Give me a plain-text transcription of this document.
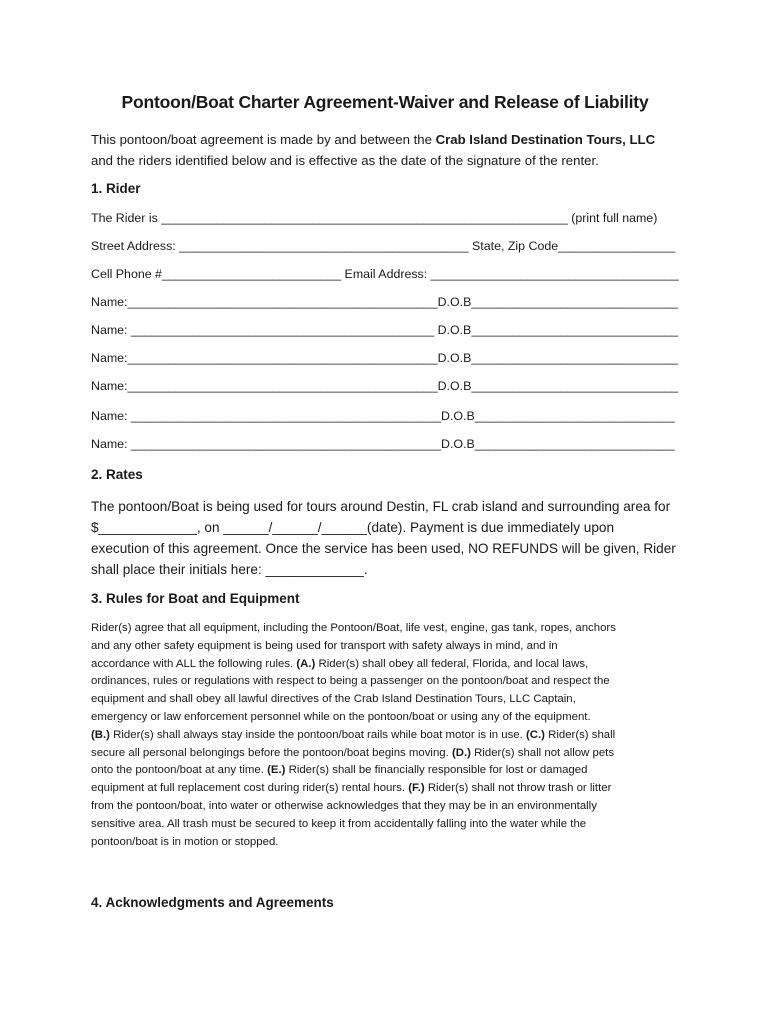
Pontoon/Boat Charter Agreement-Waiver and Release of Liability
This pontoon/boat agreement is made by and between the Crab Island Destination Tours, LLC
and the riders identified below and is effective as the date of the signature of the renter.
1. Rider
The Rider is ___________________________________________________________ (print full name)
Street Address: __________________________________________ State, Zip Code_________________
Cell Phone #__________________________ Email Address: ____________________________________
Name:_____________________________________________D.O.B______________________________
Name: ____________________________________________ D.O.B______________________________
Name:_____________________________________________D.O.B______________________________
Name:_____________________________________________D.O.B______________________________
Name: _____________________________________________D.O.B_____________________________
Name: _____________________________________________D.O.B_____________________________
2. Rates
The pontoon/Boat is being used for tours around Destin, FL crab island and surrounding area for
$_____________, on ______/______/______(date). Payment is due immediately upon
execution of this agreement. Once the service has been used, NO REFUNDS will be given, Rider
shall place their initials here: _____________.
3. Rules for Boat and Equipment
Rider(s) agree that all equipment, including the Pontoon/Boat, life vest, engine, gas tank, ropes, anchors
and any other safety equipment is being used for transport with safety always in mind, and in
accordance with ALL the following rules. (A.) Rider(s) shall obey all federal, Florida, and local laws,
ordinances, rules or regulations with respect to being a passenger on the pontoon/boat and respect the
equipment and shall obey all lawful directives of the Crab Island Destination Tours, LLC Captain,
emergency or law enforcement personnel while on the pontoon/boat or using any of the equipment.
(B.) Rider(s) shall always stay inside the pontoon/boat rails while boat motor is in use. (C.) Rider(s) shall
secure all personal belongings before the pontoon/boat begins moving. (D.) Rider(s) shall not allow pets
onto the pontoon/boat at any time. (E.) Rider(s) shall be financially responsible for lost or damaged
equipment at full replacement cost during rider(s) rental hours. (F.) Rider(s) shall not throw trash or litter
from the pontoon/boat, into water or otherwise acknowledges that they may be in an environmentally
sensitive area. All trash must be secured to keep it from accidentally falling into the water while the
pontoon/boat is in motion or stopped.
4. Acknowledgments and Agreements
